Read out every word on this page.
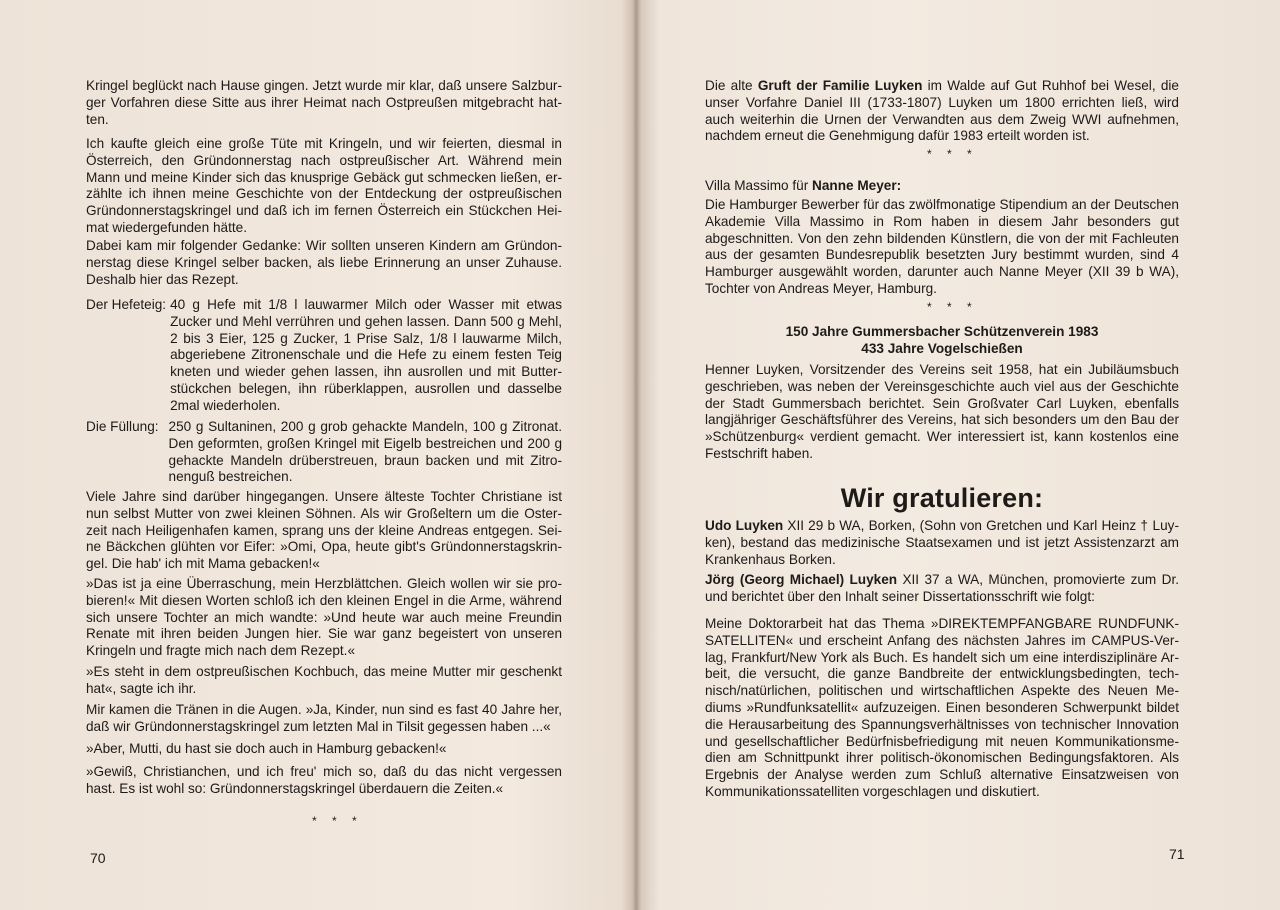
Kringel beglückt nach Hause gingen. Jetzt wurde mir klar, daß unsere Salzburger Vorfahren diese Sitte aus ihrer Heimat nach Ostpreußen mitgebracht hatten.

Ich kaufte gleich eine große Tüte mit Kringeln, und wir feierten, diesmal in Österreich, den Gründonnerstag nach ostpreußischer Art. Während mein Mann und meine Kinder sich das knusprige Gebäck gut schmecken ließen, erzählte ich ihnen meine Geschichte von der Entdeckung der ostpreußischen Gründonnerstagskringel und daß ich im fernen Österreich ein Stückchen Heimat wiedergefunden hätte.

Dabei kam mir folgender Gedanke: Wir sollten unseren Kindern am Gründonnerstag diese Kringel selber backen, als liebe Erinnerung an unser Zuhause. Deshalb hier das Rezept.

Der Hefeteig: 40 g Hefe mit 1/8 l lauwarmer Milch oder Wasser mit etwas Zucker und Mehl verrühren und gehen lassen. Dann 500 g Mehl, 2 bis 3 Eier, 125 g Zucker, 1 Prise Salz, 1/8 l lauwarme Milch, abgeriebene Zitronenschale und die Hefe zu einem festen Teig kneten und wieder gehen lassen, ihn ausrollen und mit Butterstückchen belegen, ihn rüberklappen, ausrollen und dasselbe 2mal wiederholen.
Die Füllung: 250 g Sultaninen, 200 g grob gehackte Mandeln, 100 g Zitronat. Den geformten, großen Kringel mit Eigelb bestreichen und 200 g gehackte Mandeln drüberstreuen, braun backen und mit Zitronenguß bestreichen.

Viele Jahre sind darüber hingegangen. Unsere älteste Tochter Christiane ist nun selbst Mutter von zwei kleinen Söhnen. Als wir Großeltern um die Osterzeit nach Heiligenhafen kamen, sprang uns der kleine Andreas entgegen. Seine Bäckchen glühten vor Eifer: »Omi, Opa, heute gibt's Gründonnerstagskringel. Die hab' ich mit Mama gebacken!«

»Das ist ja eine Überraschung, mein Herzblättchen. Gleich wollen wir sie probieren!« Mit diesen Worten schloß ich den kleinen Engel in die Arme, während sich unsere Tochter an mich wandte: »Und heute war auch meine Freundin Renate mit ihren beiden Jungen hier. Sie war ganz begeistert von unseren Kringeln und fragte mich nach dem Rezept.«

»Es steht in dem ostpreußischen Kochbuch, das meine Mutter mir geschenkt hat«, sagte ich ihr.

Mir kamen die Tränen in die Augen. »Ja, Kinder, nun sind es fast 40 Jahre her, daß wir Gründonnerstagskringel zum letzten Mal in Tilsit gegessen haben ...«

»Aber, Mutti, du hast sie doch auch in Hamburg gebacken!«

»Gewiß, Christianchen, und ich freu' mich so, daß du das nicht vergessen hast. Es ist wohl so: Gründonnerstagskringel überdauern die Zeiten.«

* * *
70

Die alte Gruft der Familie Luyken im Walde auf Gut Ruhhof bei Wesel, die unser Vorfahre Daniel III (1733-1807) Luyken um 1800 errichten ließ, wird auch weiterhin die Urnen der Verwandten aus dem Zweig WWI aufnehmen, nachdem erneut die Genehmigung dafür 1983 erteilt worden ist.

* * *

Villa Massimo für Nanne Meyer:

Die Hamburger Bewerber für das zwölfmonatige Stipendium an der Deutschen Akademie Villa Massimo in Rom haben in diesem Jahr besonders gut abgeschnitten. Von den zehn bildenden Künstlern, die von der mit Fachleuten aus der gesamten Bundesrepublik besetzten Jury bestimmt wurden, sind 4 Hamburger ausgewählt worden, darunter auch Nanne Meyer (XII 39 b WA), Tochter von Andreas Meyer, Hamburg.

* * *
150 Jahre Gummersbacher Schützenverein 1983
433 Jahre Vogelschießen

Henner Luyken, Vorsitzender des Vereins seit 1958, hat ein Jubiläumsbuch geschrieben, was neben der Vereinsgeschichte auch viel aus der Geschichte der Stadt Gummersbach berichtet. Sein Großvater Carl Luyken, ebenfalls langjähriger Geschäftsführer des Vereins, hat sich besonders um den Bau der »Schützenburg« verdient gemacht. Wer interessiert ist, kann kostenlos eine Festschrift haben.

Wir gratulieren:

Udo Luyken XII 29 b WA, Borken, (Sohn von Gretchen und Karl Heinz † Luyken), bestand das medizinische Staatsexamen und ist jetzt Assistenzarzt am Krankenhaus Borken.

Jörg (Georg Michael) Luyken XII 37 a WA, München, promovierte zum Dr. und berichtet über den Inhalt seiner Dissertationsschrift wie folgt:

Meine Doktorarbeit hat das Thema »DIREKTEMPFANGBARE RUNDFUNKSATELLITEN« und erscheint Anfang des nächsten Jahres im CAMPUS-Verlag, Frankfurt/New York als Buch. Es handelt sich um eine interdisziplinäre Arbeit, die versucht, die ganze Bandbreite der entwicklungsbedingten, technisch/natürlichen, politischen und wirtschaftlichen Aspekte des Neuen Mediums »Rundfunksatellit« aufzuzeigen. Einen besonderen Schwerpunkt bildet die Herausarbeitung des Spannungsverhältnisses von technischer Innovation und gesellschaftlicher Bedürfnisbefriedigung mit neuen Kommunikationsmedien am Schnittpunkt ihrer politisch-ökonomischen Bedingungsfaktoren. Als Ergebnis der Analyse werden zum Schluß alternative Einsatzweisen von Kommunikationssatelliten vorgeschlagen und diskutiert.

71
